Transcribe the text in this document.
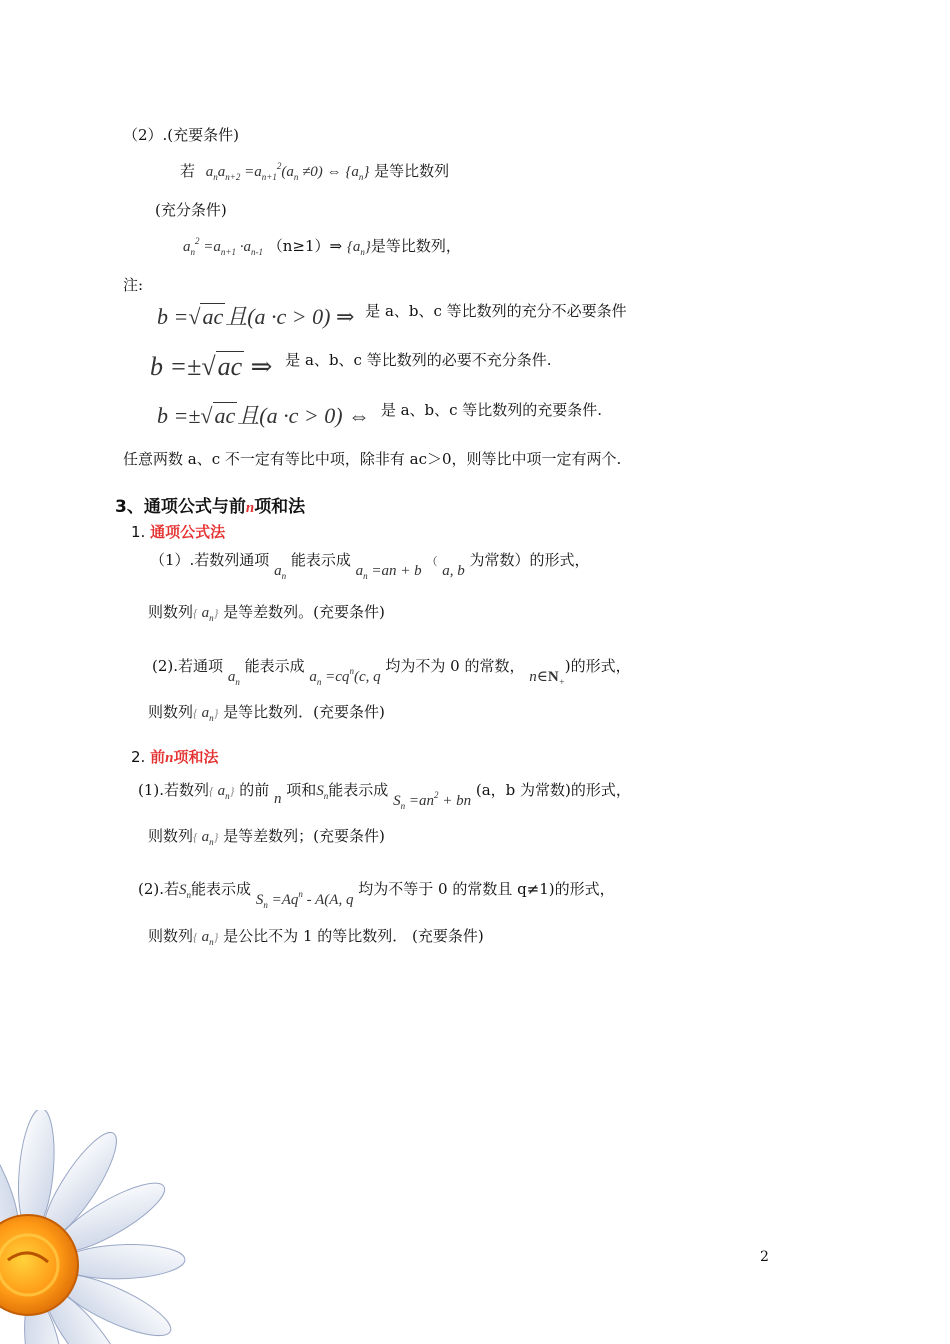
（2）.(充要条件)
若 $a_na_{n+2} =a_{n+1}^2(a_n \ne 0)$ ⇔ $\{a_n\}$ 是等比数列
(充分条件)
$a_n^2 =a_{n+1} \cdot a_{n-1}$ （n≥1）⇒ $\{a_n\}$是等比数列，
注:
b =√ac且(a ·c > 0) ⇒ 是 a、b、c 等比数列的充分不必要条件
b =±√ac ⇒ 是 a、b、c 等比数列的必要不充分条件.
b =±√ac且(a ·c > 0) ⇔ 是 a、b、c 等比数列的充要条件.
任意两数 a、c 不一定有等比中项，除非有 ac＞0，则等比中项一定有两个.
3、通项公式与前n项和法
1. 通项公式法
（1）.若数列通项 $a_n$ 能表示成 $a_n =an + b$ （ a, b 为常数）的形式，
则数列{ $a_n$} 是等差数列。(充要条件)
(2).若通项 $a_n$ 能表示成 $a_n =cq^n(c$, q 均为不为 0 的常数， $n\in N_+$)的形式，
则数列{ $a_n$} 是等比数列．(充要条件)
2. 前n项和法
(1).若数列{ $a_n$} 的前 n 项和$S_n$能表示成 $S_n =an^2$ + bn (a，b 为常数)的形式，
则数列{ $a_n$} 是等差数列；(充要条件)
(2).若$S_n$能表示成 $S_n =Aq^n - A(A$, q 均为不等于 0 的常数且 q≠1)的形式，
则数列{ $a_n$} 是公比不为 1 的等比数列． (充要条件)
2
